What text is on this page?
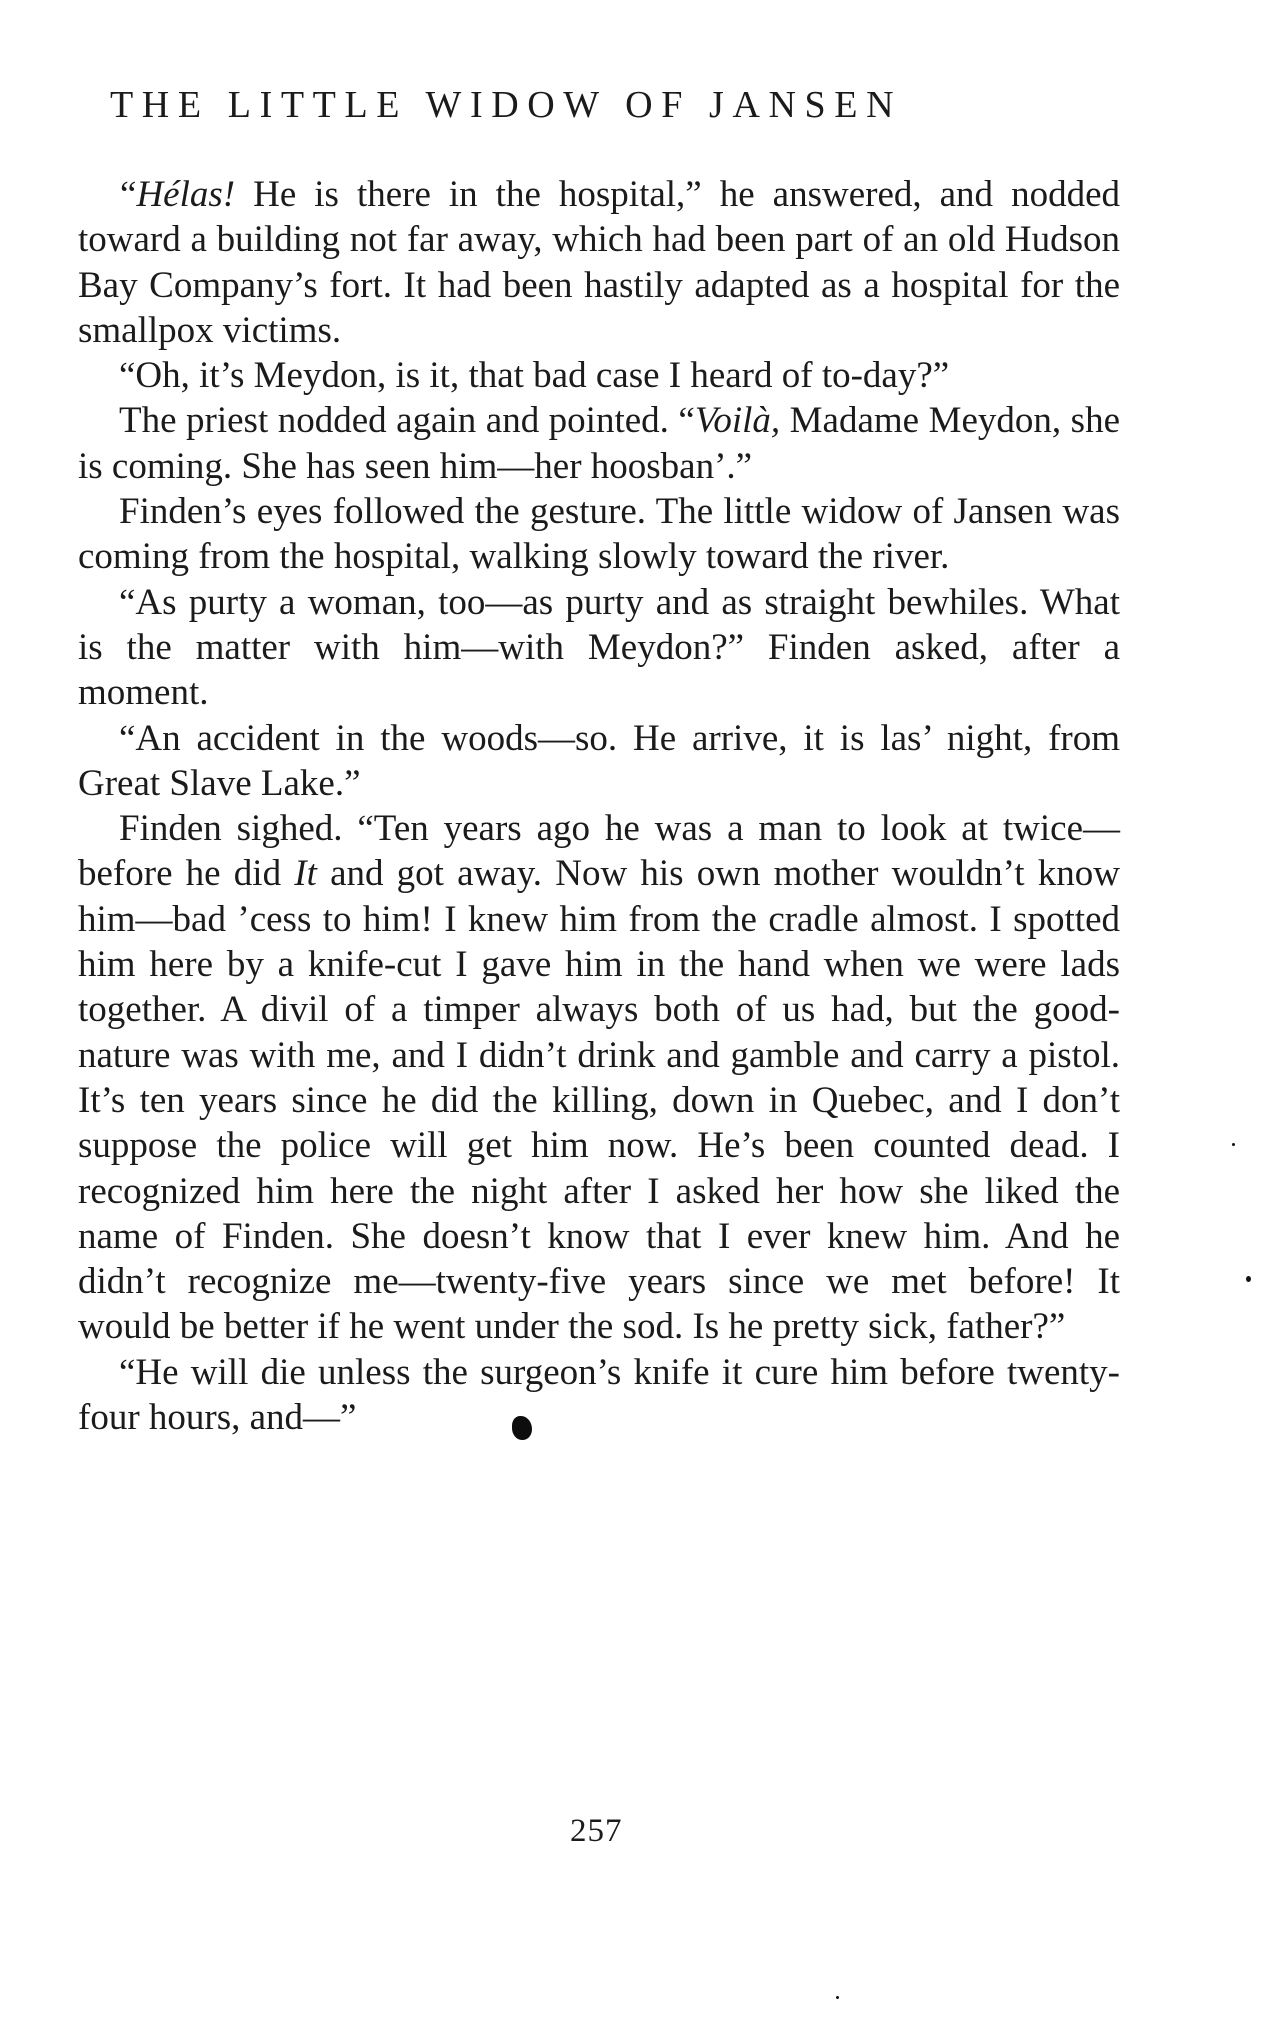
THE LITTLE WIDOW OF JANSEN

“Hélas! He is there in the hospital,” he answered, and nodded toward a building not far away, which had been part of an old Hudson Bay Company’s fort. It had been hastily adapted as a hospital for the smallpox victims.

“Oh, it’s Meydon, is it, that bad case I heard of to-day?”

The priest nodded again and pointed. “Voilà, Madame Meydon, she is coming. She has seen him—her hoosban’.”

Finden’s eyes followed the gesture. The little widow of Jansen was coming from the hospital, walking slowly toward the river.

“As purty a woman, too—as purty and as straight bewhiles. What is the matter with him—with Meydon?” Finden asked, after a moment.

“An accident in the woods—so. He arrive, it is las’ night, from Great Slave Lake.”

Finden sighed. “Ten years ago he was a man to look at twice—before he did It and got away. Now his own mother wouldn’t know him—bad ’cess to him! I knew him from the cradle almost. I spotted him here by a knife-cut I gave him in the hand when we were lads together. A divil of a timper always both of us had, but the good-nature was with me, and I didn’t drink and gamble and carry a pistol. It’s ten years since he did the killing, down in Quebec, and I don’t suppose the police will get him now. He’s been counted dead. I recognized him here the night after I asked her how she liked the name of Finden. She doesn’t know that I ever knew him. And he didn’t recognize me—twenty-five years since we met before! It would be better if he went under the sod. Is he pretty sick, father?”

“He will die unless the surgeon’s knife it cure him before twenty-four hours, and—”

257
